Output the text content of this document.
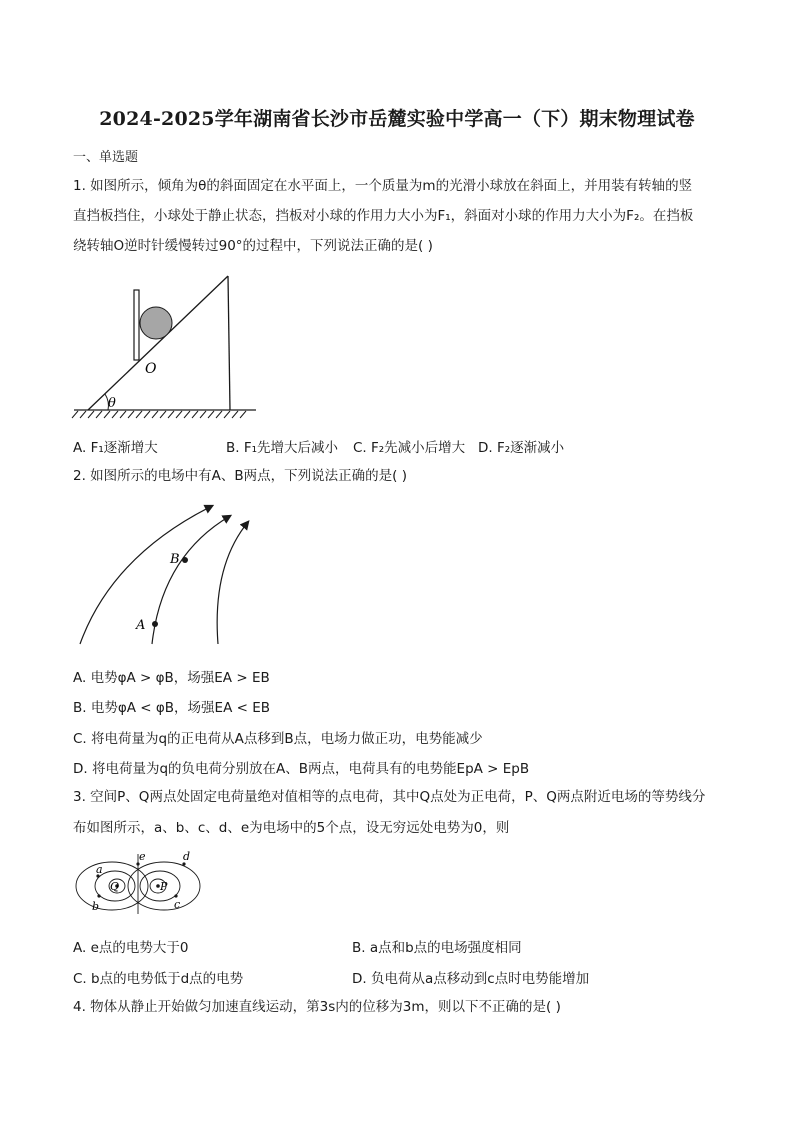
2024-2025学年湖南省长沙市岳麓实验中学高一（下）期末物理试卷
一、单选题
1. 如图所示，倾角为θ的斜面固定在水平面上，一个质量为m的光滑小球放在斜面上，并用装有转轴的竖
直挡板挡住，小球处于静止状态，挡板对小球的作用力大小为F₁，斜面对小球的作用力大小为F₂。在挡板
绕转轴O逆时针缓慢转过90°的过程中，下列说法正确的是( )
O
θ
A. F₁逐渐增大	B. F₁先增大后减小 C. F₂先减小后增大 D. F₂逐渐减小
2. 如图所示的电场中有A、B两点，下列说法正确的是( )
A
B
A. 电势φA > φB，场强EA > EB
B. 电势φA < φB，场强EA < EB
C. 将电荷量为q的正电荷从A点移到B点，电场力做正功，电势能减少
D. 将电荷量为q的负电荷分别放在A、B两点，电荷具有的电势能EpA > EpB
3. 空间P、Q两点处固定电荷量绝对值相等的点电荷，其中Q点处为正电荷，P、Q两点附近电场的等势线分
布如图所示，a、b、c、d、e为电场中的5个点，设无穷远处电势为0，则
a
b	c
d
e
Q	P
A. e点的电势大于0	B. a点和b点的电场强度相同
C. b点的电势低于d点的电势	D. 负电荷从a点移动到c点时电势能增加
4. 物体从静止开始做匀加速直线运动，第3s内的位移为3m，则以下不正确的是( )
